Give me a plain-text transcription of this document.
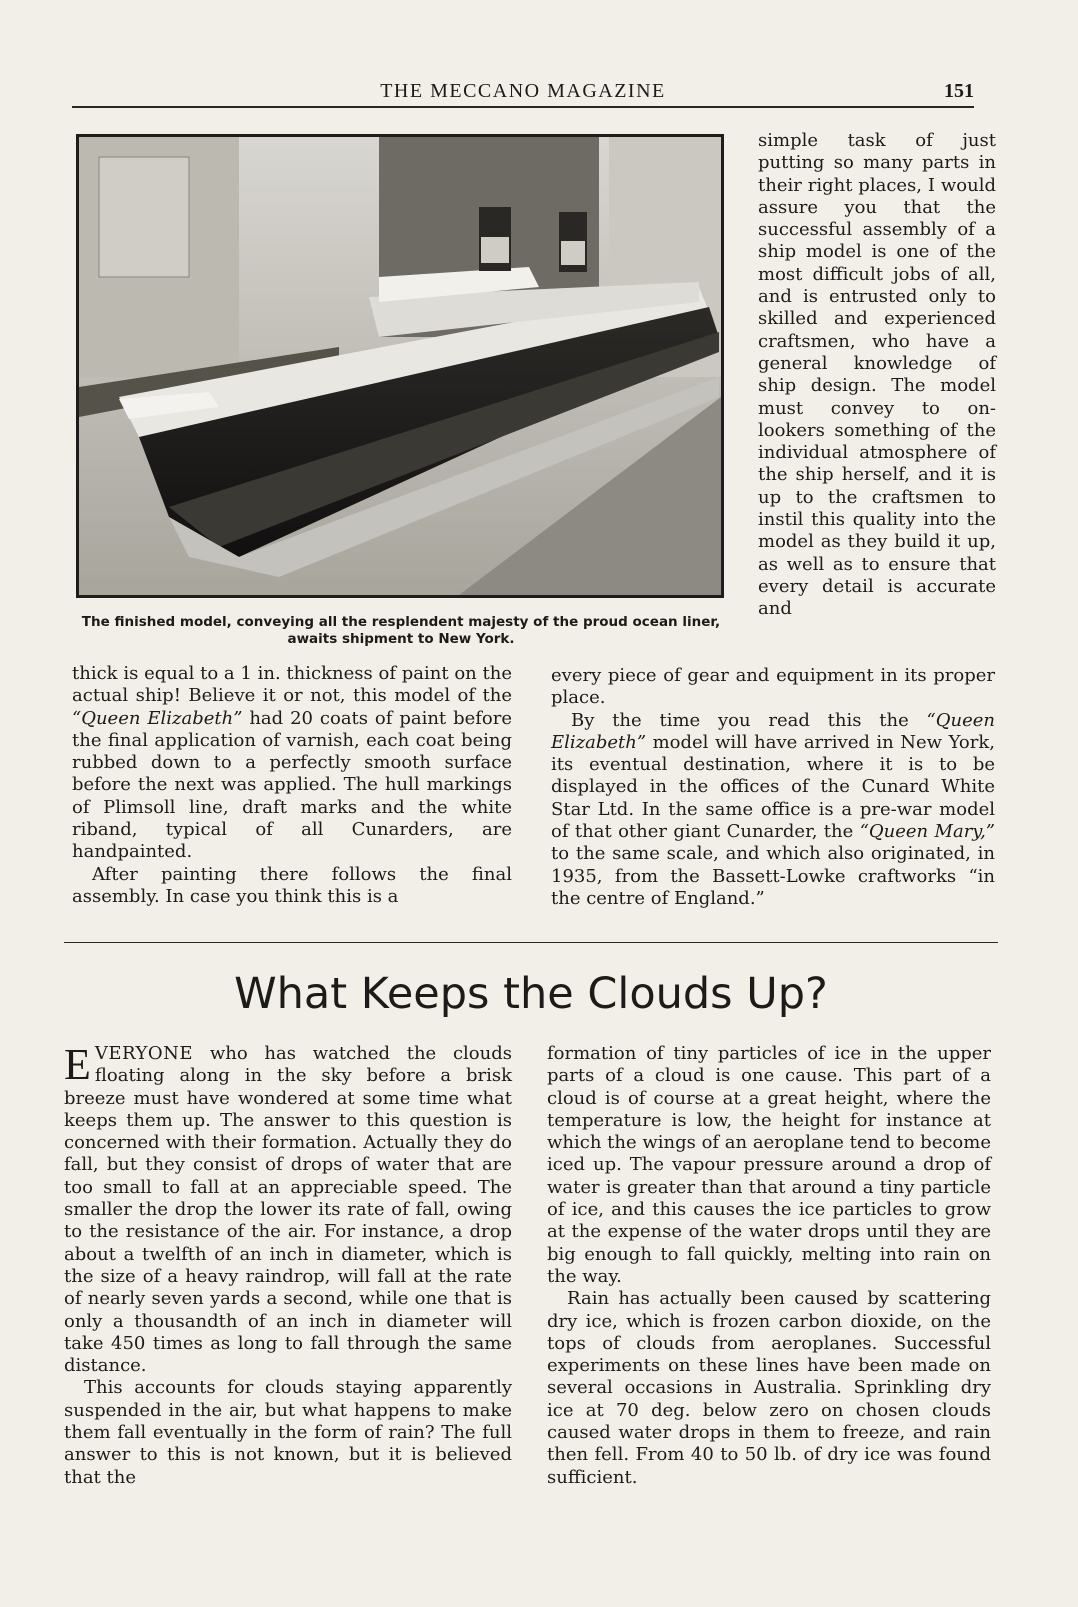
THE MECCANO MAGAZINE	151
The finished model, conveying all the resplendent majesty of the proud ocean liner, awaits shipment to New York.

simple task of just putting so many parts in their right places, I would assure you that the successful assembly of a ship model is one of the most difficult jobs of all, and is entrusted only to skilled and experienced craftsmen, who have a general knowledge of ship design. The model must convey to on-lookers something of the individual atmosphere of the ship herself, and it is up to the craftsmen to instil this quality into the model as they build it up, as well as to ensure that every detail is accurate and

thick is equal to a 1 in. thickness of paint on the actual ship! Believe it or not, this model of the “Queen Elizabeth” had 20 coats of paint before the final application of varnish, each coat being rubbed down to a perfectly smooth surface before the next was applied. The hull markings of Plimsoll line, draft marks and the white riband, typical of all Cunarders, are handpainted.

After painting there follows the final assembly. In case you think this is a

every piece of gear and equipment in its proper place.

By the time you read this the “Queen Elizabeth” model will have arrived in New York, its eventual destination, where it is to be displayed in the offices of the Cunard White Star Ltd. In the same office is a pre-war model of that other giant Cunarder, the “Queen Mary,” to the same scale, and which also originated, in 1935, from the Bassett-Lowke craftworks “in the centre of England.”

What Keeps the Clouds Up?

EVERYONE who has watched the clouds floating along in the sky before a brisk breeze must have wondered at some time what keeps them up. The answer to this question is concerned with their formation. Actually they do fall, but they consist of drops of water that are too small to fall at an appreciable speed. The smaller the drop the lower its rate of fall, owing to the resistance of the air. For instance, a drop about a twelfth of an inch in diameter, which is the size of a heavy raindrop, will fall at the rate of nearly seven yards a second, while one that is only a thousandth of an inch in diameter will take 450 times as long to fall through the same distance.

This accounts for clouds staying apparently suspended in the air, but what happens to make them fall eventually in the form of rain? The full answer to this is not known, but it is believed that the

formation of tiny particles of ice in the upper parts of a cloud is one cause. This part of a cloud is of course at a great height, where the temperature is low, the height for instance at which the wings of an aeroplane tend to become iced up. The vapour pressure around a drop of water is greater than that around a tiny particle of ice, and this causes the ice particles to grow at the expense of the water drops until they are big enough to fall quickly, melting into rain on the way.

Rain has actually been caused by scattering dry ice, which is frozen carbon dioxide, on the tops of clouds from aeroplanes. Successful experiments on these lines have been made on several occasions in Australia. Sprinkling dry ice at 70 deg. below zero on chosen clouds caused water drops in them to freeze, and rain then fell. From 40 to 50 lb. of dry ice was found sufficient.
